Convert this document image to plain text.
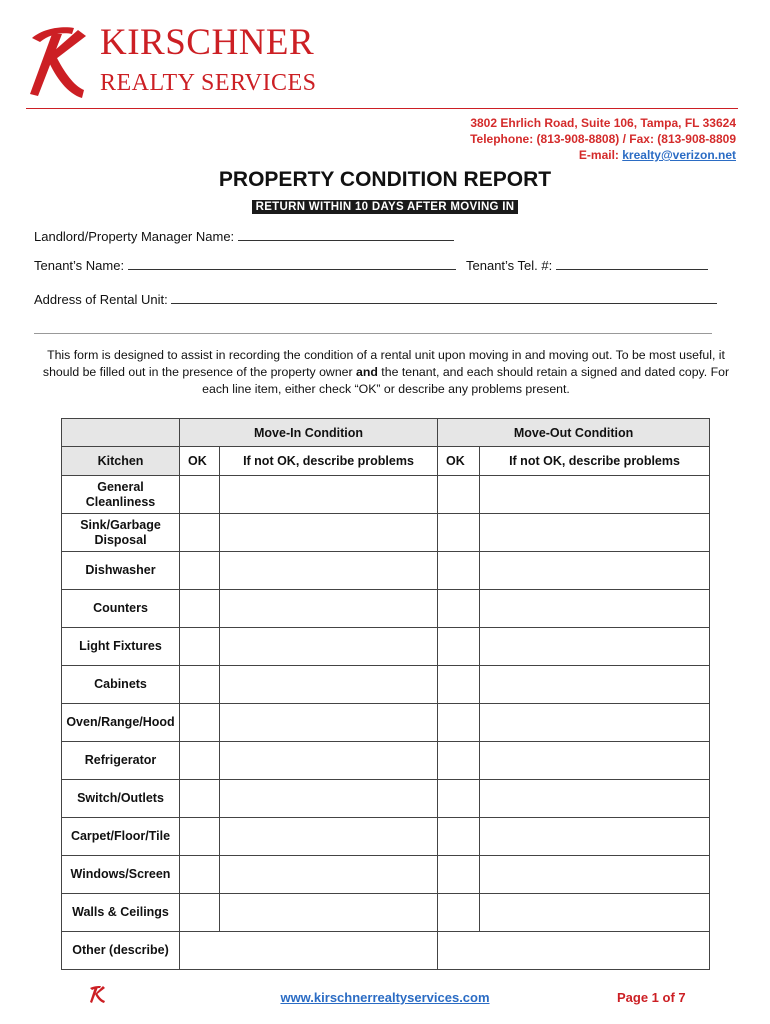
KIRSCHNER
REALTY SERVICES
3802 Ehrlich Road, Suite 106, Tampa, FL 33624
Telephone: (813-908-8808) / Fax: (813-908-8809
E-mail: krealty@verizon.net
PROPERTY CONDITION REPORT
RETURN WITHIN 10 DAYS AFTER MOVING IN
Landlord/Property Manager Name:
Tenant’s Name:	Tenant’s Tel. #:
Address of Rental Unit:
This form is designed to assist in recording the condition of a rental unit upon moving in and moving out. To be most useful, it should be filled out in the presence of the property owner and the tenant, and each should retain a signed and dated copy. For each line item, either check “OK” or describe any problems present.
	Move-In Condition		Move-Out Condition	
Kitchen	OK	If not OK, describe problems	OK	If not OK, describe problems
General Cleanliness				
Sink/Garbage Disposal				
Dishwasher				
Counters				
Light Fixtures				
Cabinets				
Oven/Range/Hood				
Refrigerator				
Switch/Outlets				
Carpet/Floor/Tile				
Windows/Screen				
Walls & Ceilings				
Other (describe)				
www.kirschnerrealtyservices.com	Page 1 of 7
